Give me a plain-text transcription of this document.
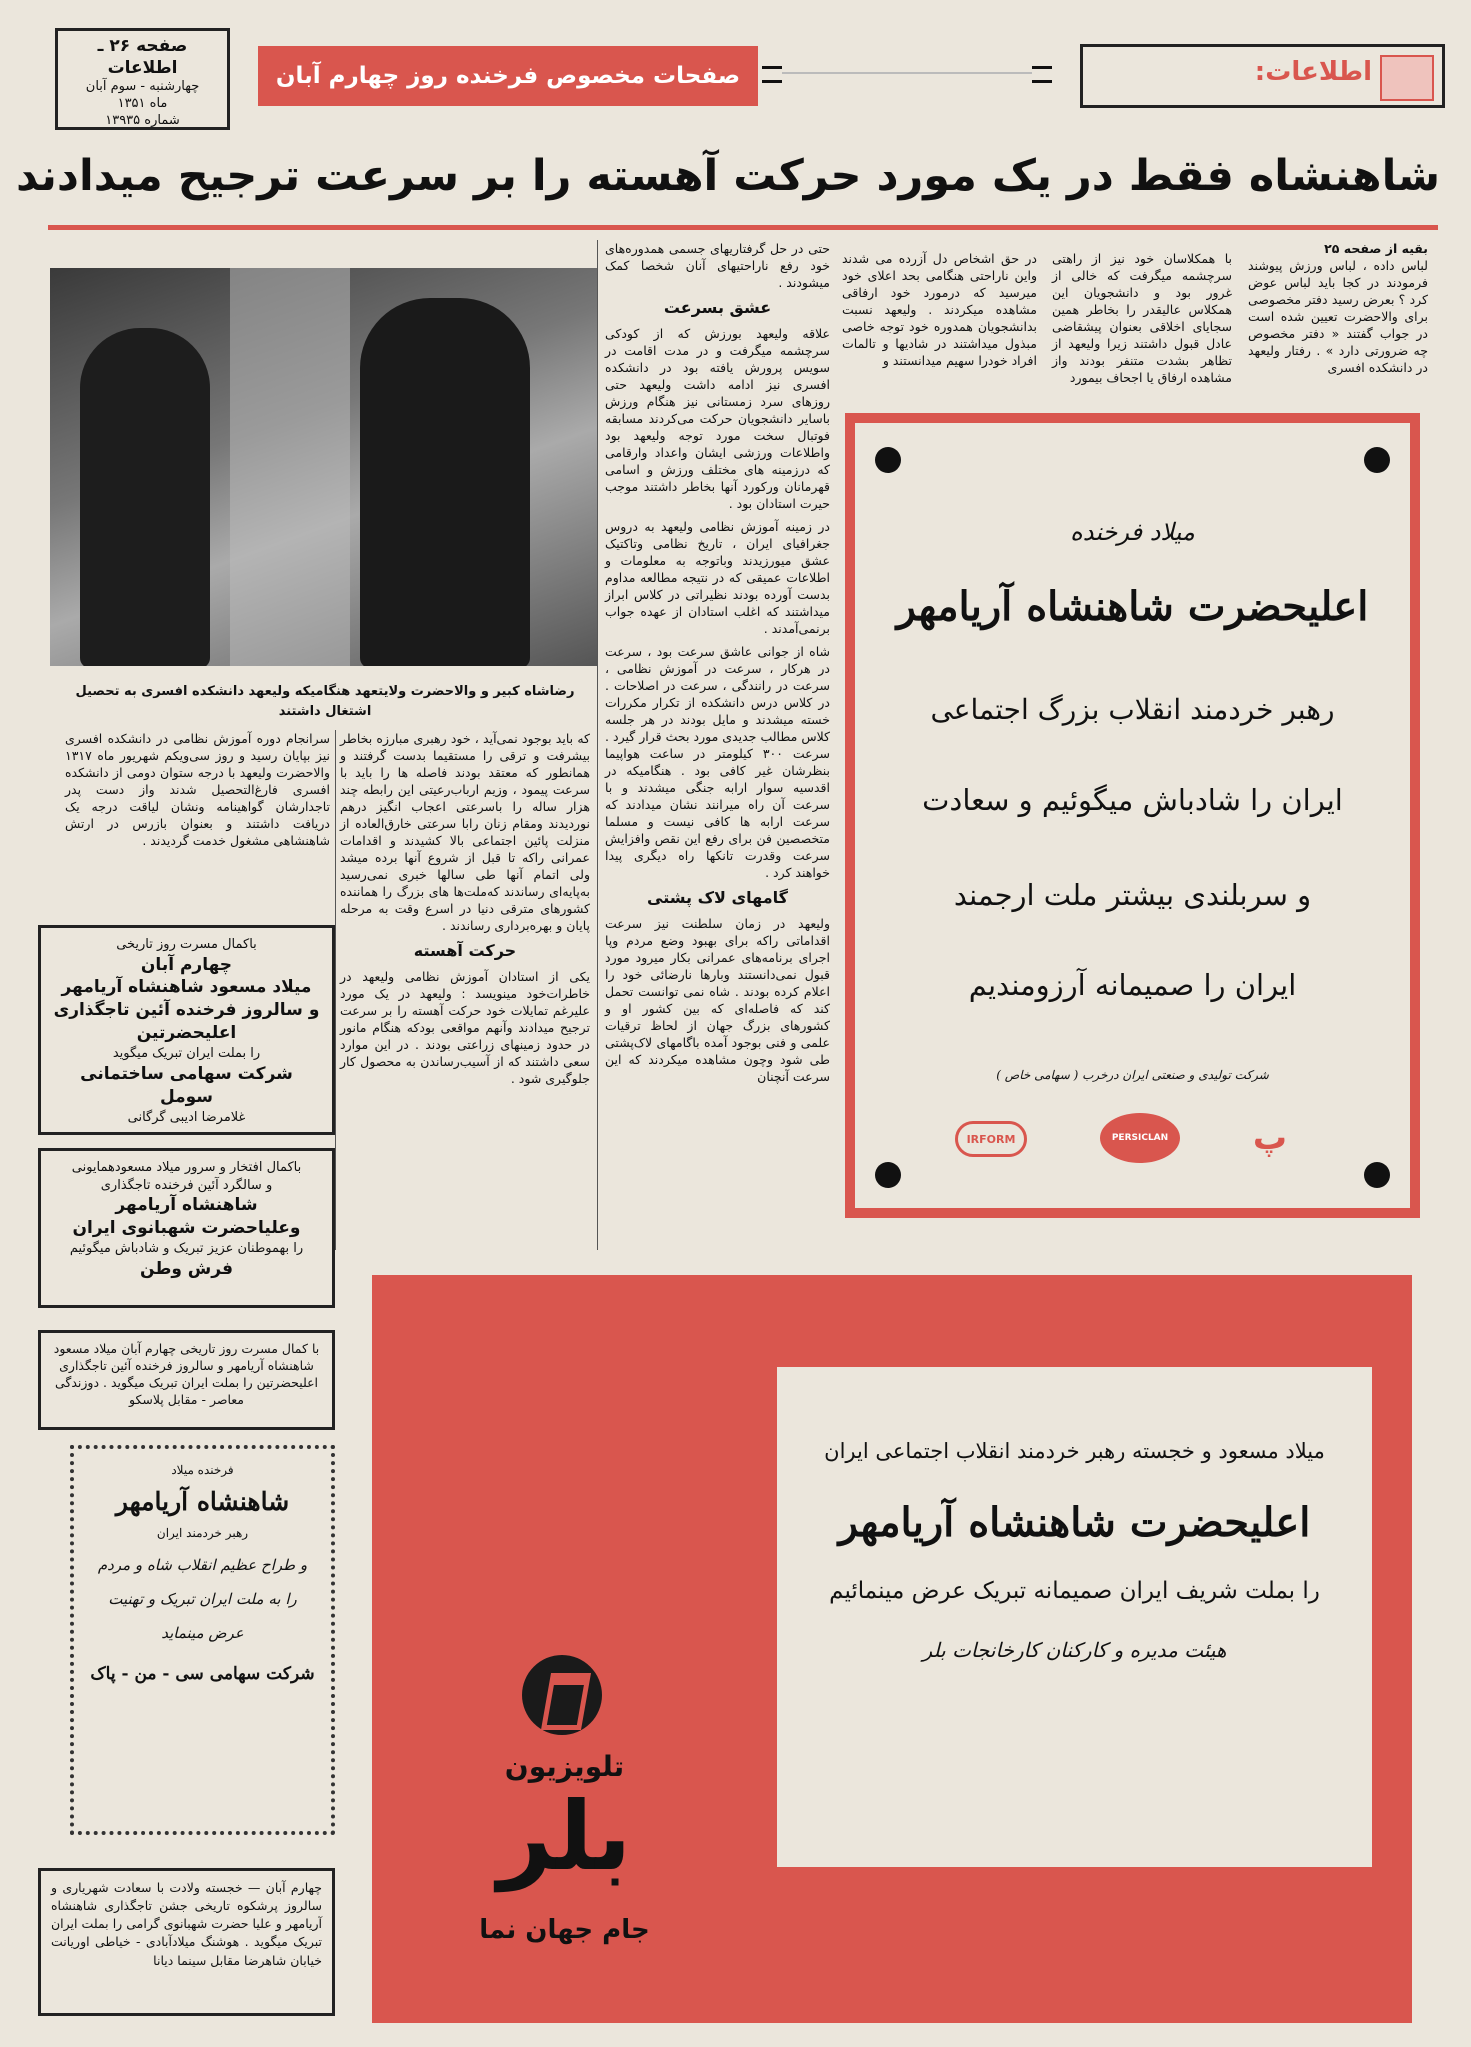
صفحه ۲۶ ـ اطلاعات
چهارشنبه - سوم آبان
ماه ۱۳۵۱
شماره ۱۳۹۳۵
صفحات مخصوص فرخنده روز چهارم آبان	اطلاعات:
شاهنشاه فقط در یک مورد حرکت آهسته را بر سرعت ترجیح میدادند
رضاشاه کبیر و والاحضرت ولایتعهد هنگامیکه ولیعهد دانشکده افسری به تحصیل اشتغال داشتند
بقیه از صفحه ۲۵
لباس داده ، لباس ورزش پیوشند فرمودند در کجا باید لباس عوض کرد ؟ بعرض رسید دفتر مخصوصی برای والاحضرت تعیین شده است در جواب گفتند « دفتر مخصوص چه ضرورتی دارد » . رفتار ولیعهد در دانشکده افسری
با همکلاسان خود نیز از راهتی سرچشمه میگرفت که خالی از غرور بود و دانشجویان این همکلاس عالیقدر را بخاطر همین سجایای اخلاقی بعنوان پیشقاضی عادل قبول داشتند زیرا ولیعهد از تظاهر بشدت متنفر بودند واز مشاهده ارفاق یا اجحاف بیمورد
در حق اشخاص دل آزرده می شدند واین ناراحتی هنگامی بحد اعلای خود میرسید که درمورد خود ارفاقی مشاهده میکردند . ولیعهد نسبت بدانشجویان همدوره خود توجه خاصی مبذول میداشتند در شادیها و تالمات افراد خودرا سهیم میدانستند و

حتی در حل گرفتاریهای جسمی همدوره‌های خود رفع ناراحتیهای آنان شخصا کمک میشودند .

عشق بسرعت

علاقه ولیعهد بورزش که از کودکی سرچشمه میگرفت و در مدت اقامت در سویس پرورش یافته بود در دانشکده افسری نیز ادامه داشت ولیعهد حتی روزهای سرد زمستانی نیز هنگام ورزش باسایر دانشجویان حرکت می‌کردند مسابقه فوتبال سخت مورد توجه ولیعهد بود واطلاعات ورزشی ایشان واعداد وارقامی که درزمینه های مختلف ورزش و اسامی قهرمانان ورکورد آنها بخاطر داشتند موجب حیرت استادان بود .

در زمینه آموزش نظامی ولیعهد به دروس جغرافیای ایران ، تاریخ نظامی وتاکتیک عشق میورزیدند وباتوجه به معلومات و اطلاعات عمیقی که در نتیجه مطالعه مداوم بدست آورده بودند نظیراتی در کلاس ابراز میداشتند که اغلب استادان از عهده جواب برنمی‌آمدند .

شاه از جوانی عاشق سرعت بود ، سرعت در هرکار ، سرعت در آموزش نظامی ، سرعت در رانندگی ، سرعت در اصلاحات . در کلاس درس دانشکده از تکرار مکررات خسته میشدند و مایل بودند در هر جلسه کلاس مطالب جدیدی مورد بحث قرار گیرد . سرعت ۳۰۰ کیلومتر در ساعت هواپیما بنظرشان غیر کافی بود . هنگامیکه در اقدسیه سوار ارابه جنگی میشدند و با سرعت آن راه میرانند نشان میدادند که سرعت ارابه ها کافی نیست و مسلما متخصصین فن برای رفع این نقص وافزایش سرعت وقدرت تانکها راه دیگری پیدا خواهند کرد .

گامهای لاک پشتی

ولیعهد در زمان سلطنت نیز سرعت اقداماتی راکه برای بهبود وضع مردم وپا اجرای برنامه‌های عمرانی بکار میرود مورد قبول نمی‌دانستند وبارها نارضائی خود را اعلام کرده بودند . شاه نمی توانست تحمل کند که فاصله‌ای که بین کشور او و کشورهای بزرگ جهان از لحاظ ترقیات علمی و فنی بوجود آمده باگامهای لاک‌پشتی طی شود وچون مشاهده میکردند که این سرعت آنچنان

سرانجام دوره آموزش نظامی در دانشکده افسری نیز بپایان رسید و روز سی‌ویکم شهریور ماه ۱۳۱۷ والاحضرت ولیعهد با درجه ستوان دومی از دانشکده افسری فارغ‌التحصیل شدند واز دست پدر تاجدارشان گواهینامه ونشان لیاقت درجه یک دریافت داشتند و بعنوان بازرس در ارتش شاهنشاهی مشغول خدمت گردیدند .

که باید بوجود نمی‌آید ، خود رهبری مبارزه بخاطر بیشرفت و ترقی را مستقیما بدست گرفتند و همانطور که معتقد بودند فاصله ها را باید با سرعت پیمود ، وزیم ارباب‌رعیتی این رابطه چند هزار ساله را باسرعتی اعجاب انگیز درهم نوردیدند ومقام زنان رابا سرعتی خارق‌العاده از منزلت پائین اجتماعی بالا کشیدند و اقدامات عمرانی راکه تا قبل از شروع آنها برده میشد ولی اتمام آنها طی سالها خبری نمی‌رسید به‌پایه‌ای رساندند که‌ملت‌ها های بزرگ را هماننده کشورهای مترقی دنیا در اسرع وقت به مرحله پایان و بهره‌برداری رساندند .

حرکت آهسته

یکی از استادان آموزش نظامی ولیعهد در خاطرات‌خود مینویسد : ولیعهد در یک مورد علیرغم تمایلات خود حرکت آهسته را بر سرعت ترجیح میدادند وآنهم مواقعی بودکه هنگام مانور در حدود زمینهای زراعتی بودند . در این موارد سعی داشتند که از آسیب‌رساندن به محصول کار جلوگیری شود .

باکمال مسرت روز تاریخی
چهارم آبان
میلاد مسعود شاهنشاه آریامهر
و سالروز فرخنده آئین تاجگذاری
اعلیحضرتین
را بملت ایران تبریک میگوید
شرکت سهامی ساختمانی سومل
غلامرضا ادیبی گرگانی
باکمال افتخار و سرور میلاد مسعودهمایونی
و سالگرد آئین فرخنده تاجگذاری
شاهنشاه آریامهر
وعلیاحضرت شهبانوی ایران
را بهموطنان عزیز تبریک و شادباش میگوئیم
فرش وطن
با کمال مسرت روز تاریخی چهارم آبان میلاد مسعود شاهنشاه آریامهر و سالروز فرخنده آئین تاجگذاری اعلیحضرتین را بملت ایران تبریک میگوید . دوزندگی معاصر - مقابل پلاسکو
فرخنده میلاد
شاهنشاه آریامهر
رهبر خردمند ایران
و طراح عظیم انقلاب شاه و مردم
را به ملت ایران تبریک و تهنیت
عرض مینماید
شرکت سهامی سی - من - پاک
چهارم آبان — خجسته ولادت با سعادت شهریاری و سالروز پرشکوه تاریخی جشن تاجگذاری شاهنشاه آریامهر و علیا حضرت شهبانوی گرامی را بملت ایران تبریک میگوید . هوشنگ میلادآبادی - خیاطی اوریانت خیابان شاهرضا مقابل سینما دیانا
میلاد فرخنده
اعلیحضرت شاهنشاه آریامهر
رهبر خردمند انقلاب بزرگ اجتماعی
ایران را شادباش میگوئیم و سعادت
و سربلندی بیشتر ملت ارجمند
ایران را صمیمانه آرزومندیم
شرکت تولیدی و صنعتی ایران درخرب ( سهامی خاص )
IRFORM	PERSICLAN	پ
میلاد مسعود و خجسته رهبر خردمند انقلاب اجتماعی ایران
اعلیحضرت شاهنشاه آریامهر
را بملت شریف ایران صمیمانه تبریک عرض مینمائیم
هیئت مدیره و کارکنان کارخانجات بلر
تلویزیون
بلر
جام جهان نما
